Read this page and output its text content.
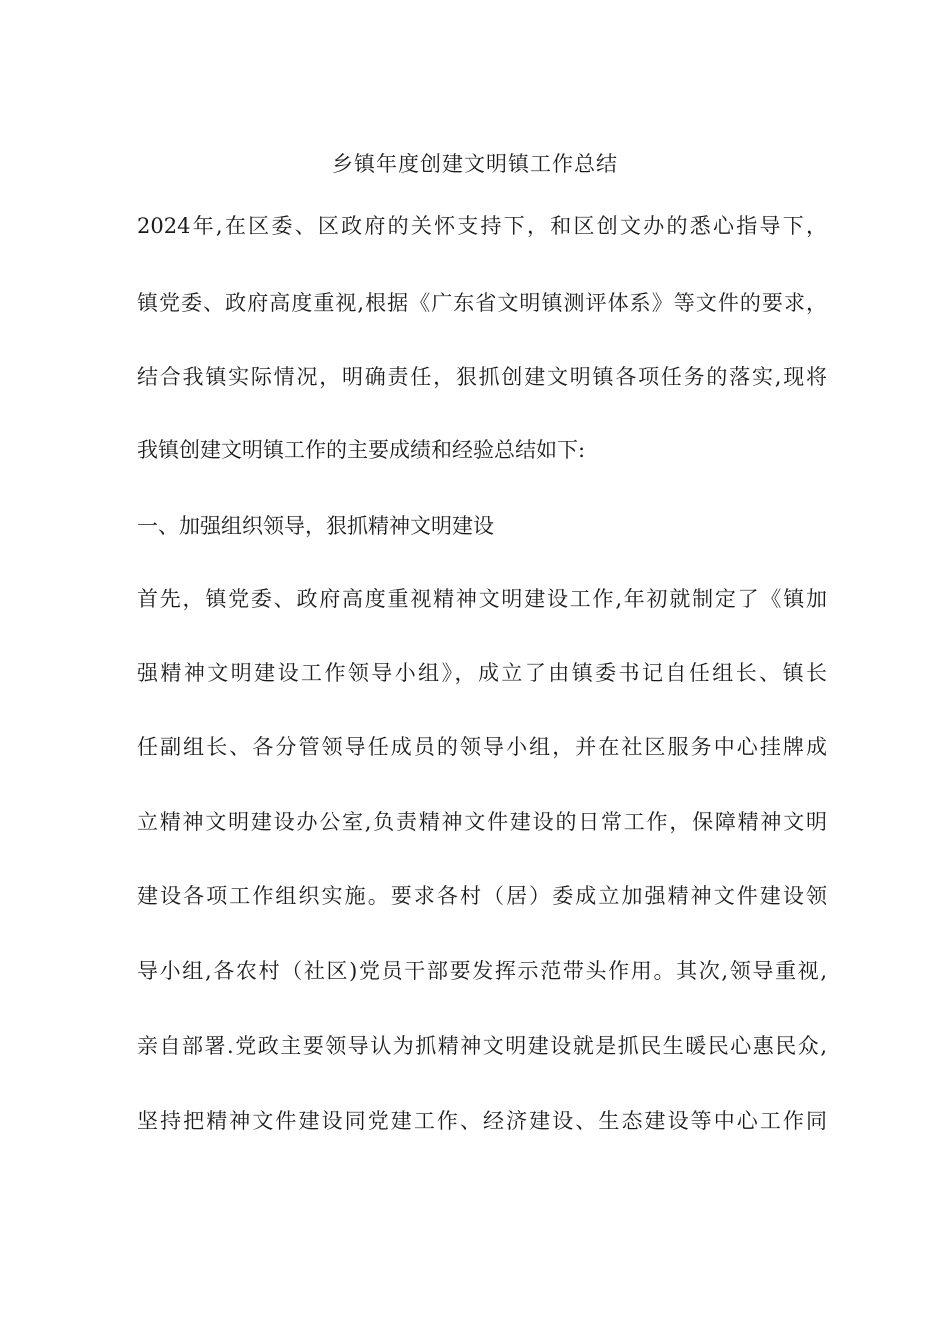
乡镇年度创建文明镇工作总结
2024年,在区委、区政府的关怀支持下，和区创文办的悉心指导下，
镇党委、政府高度重视,根据《广东省文明镇测评体系》等文件的要求，
结合我镇实际情况，明确责任，狠抓创建文明镇各项任务的落实,现将
我镇创建文明镇工作的主要成绩和经验总结如下:
一、加强组织领导，狠抓精神文明建设
首先，镇党委、政府高度重视精神文明建设工作,年初就制定了《镇加
强精神文明建设工作领导小组》，成立了由镇委书记自任组长、镇长
任副组长、各分管领导任成员的领导小组，并在社区服务中心挂牌成
立精神文明建设办公室,负责精神文件建设的日常工作，保障精神文明
建设各项工作组织实施。要求各村（居）委成立加强精神文件建设领
导小组,各农村（社区)党员干部要发挥示范带头作用。其次,领导重视,
亲自部署.党政主要领导认为抓精神文明建设就是抓民生暖民心惠民众,
坚持把精神文件建设同党建工作、经济建设、生态建设等中心工作同
